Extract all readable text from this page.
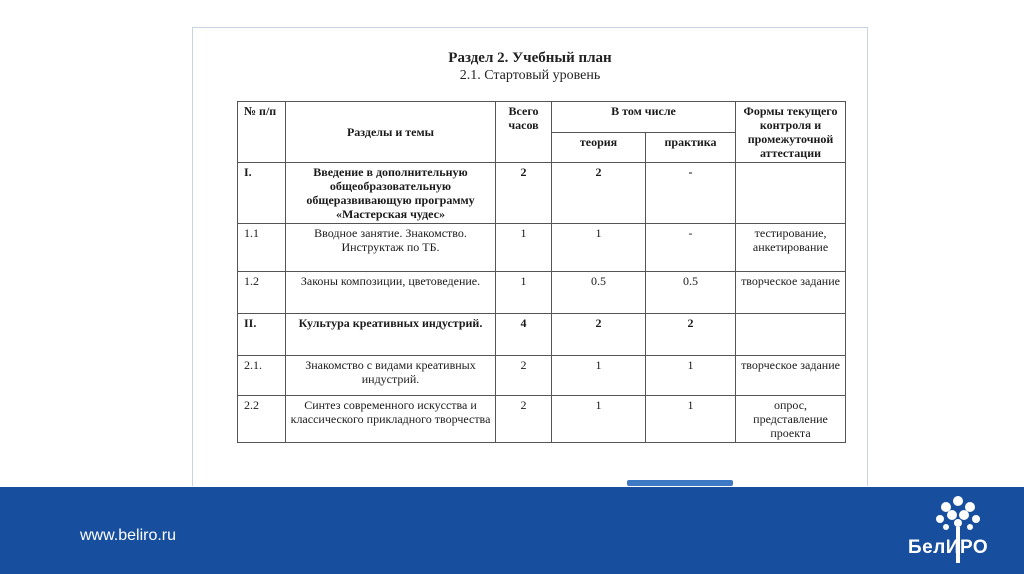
Раздел 2. Учебный план
2.1. Стартовый уровень
№ п/п	Разделы и темы	Всего часов	В том числе		Формы текущего контроля и промежуточной аттестации
			теория	практика	
I.	Введение в дополнительную общеобразовательную общеразвивающую программу «Мастерская чудес»	2	2	-	
1.1	Вводное занятие. Знакомство. Инструктаж по ТБ.	1	1	-	тестирование, анкетирование
1.2	Законы композиции, цветоведение.	1	0.5	0.5	творческое задание
II.	Культура креативных индустрий.	4	2	2	
2.1.	Знакомство с видами креативных индустрий.	2	1	1	творческое задание
2.2	Синтез современного искусства и классического прикладного творчества	2	1	1	опрос, представление проекта
www.beliro.ru
БелИРО
